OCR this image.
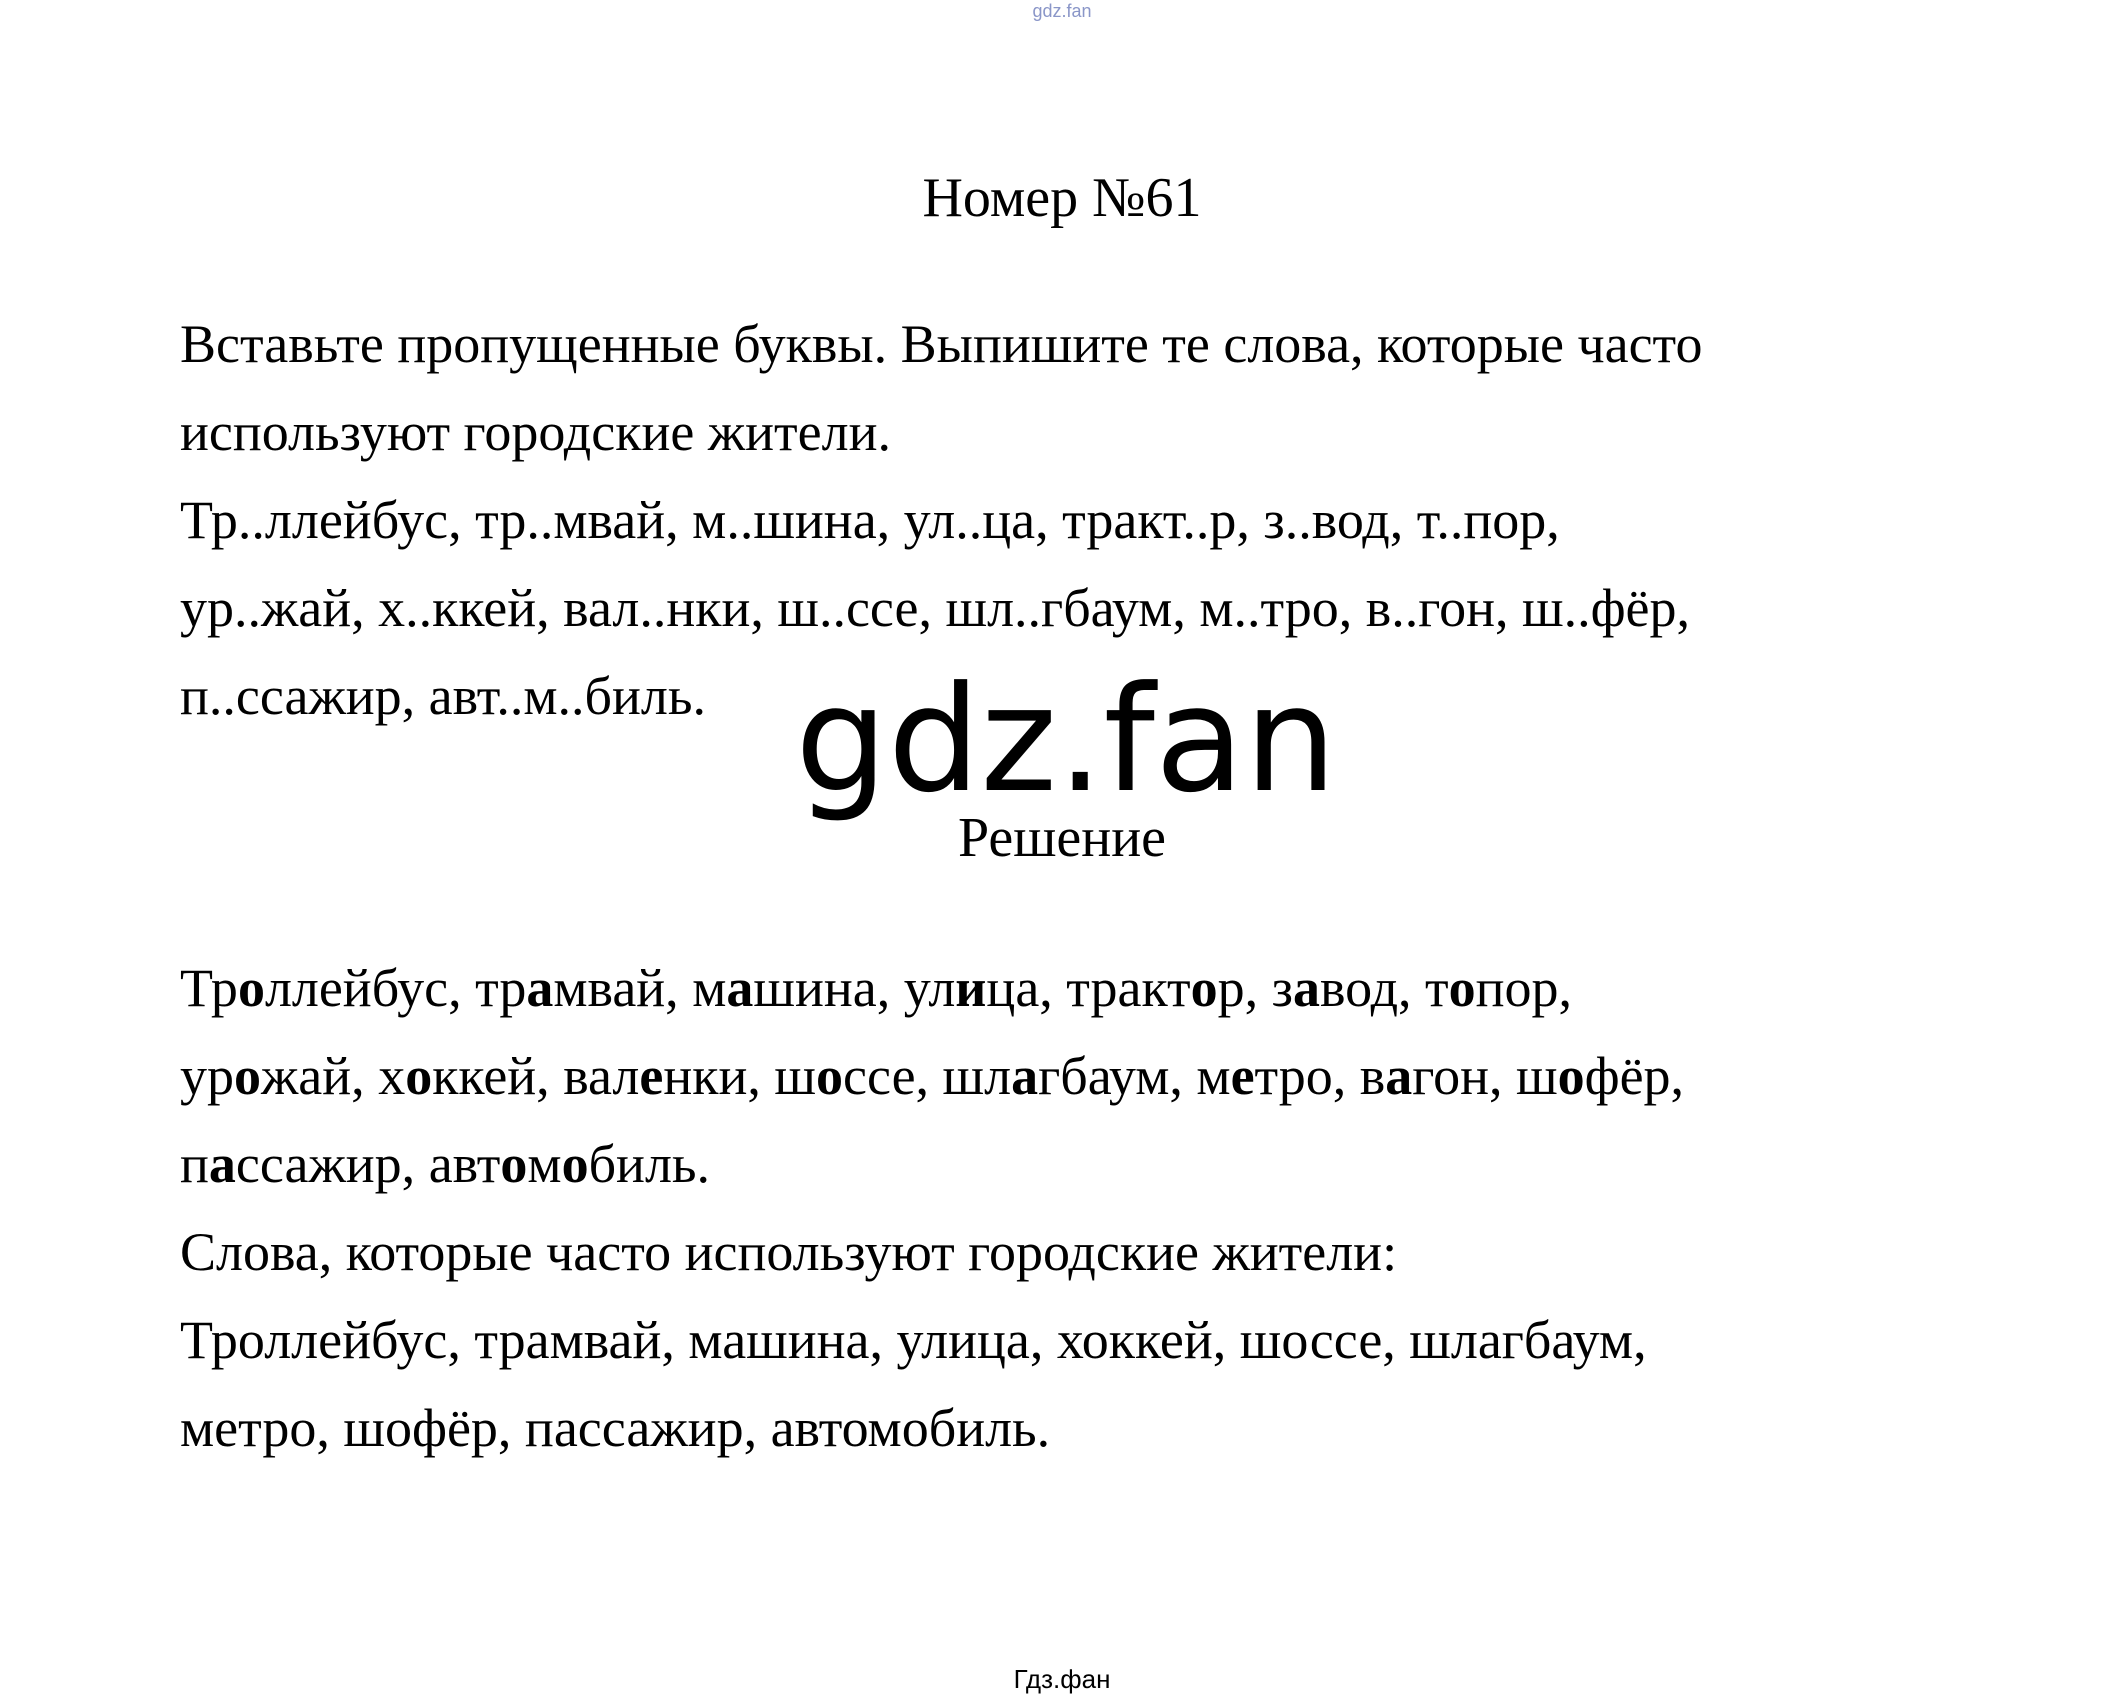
gdz.fan
Номер №61
Вставьте пропущенные буквы. Выпишите те слова, которые часто
используют городские жители.
Тр..ллейбус, тр..мвай, м..шина, ул..ца, тракт..р, з..вод, т..пор,
ур..жай, х..ккей, вал..нки, ш..ссе, шл..гбаум, м..тро, в..гон, ш..фёр,
п..ссажир, авт..м..биль. gdz.fan
Решение
Троллейбус, трамвай, машина, улица, трактор, завод, топор,
урожай, хоккей, валенки, шоссе, шлагбаум, метро, вагон, шофёр,
пассажир, автомобиль.
Слова, которые часто используют городские жители:
Троллейбус, трамвай, машина, улица, хоккей, шоссе, шлагбаум,
метро, шофёр, пассажир, автомобиль.
Гдз.фан
